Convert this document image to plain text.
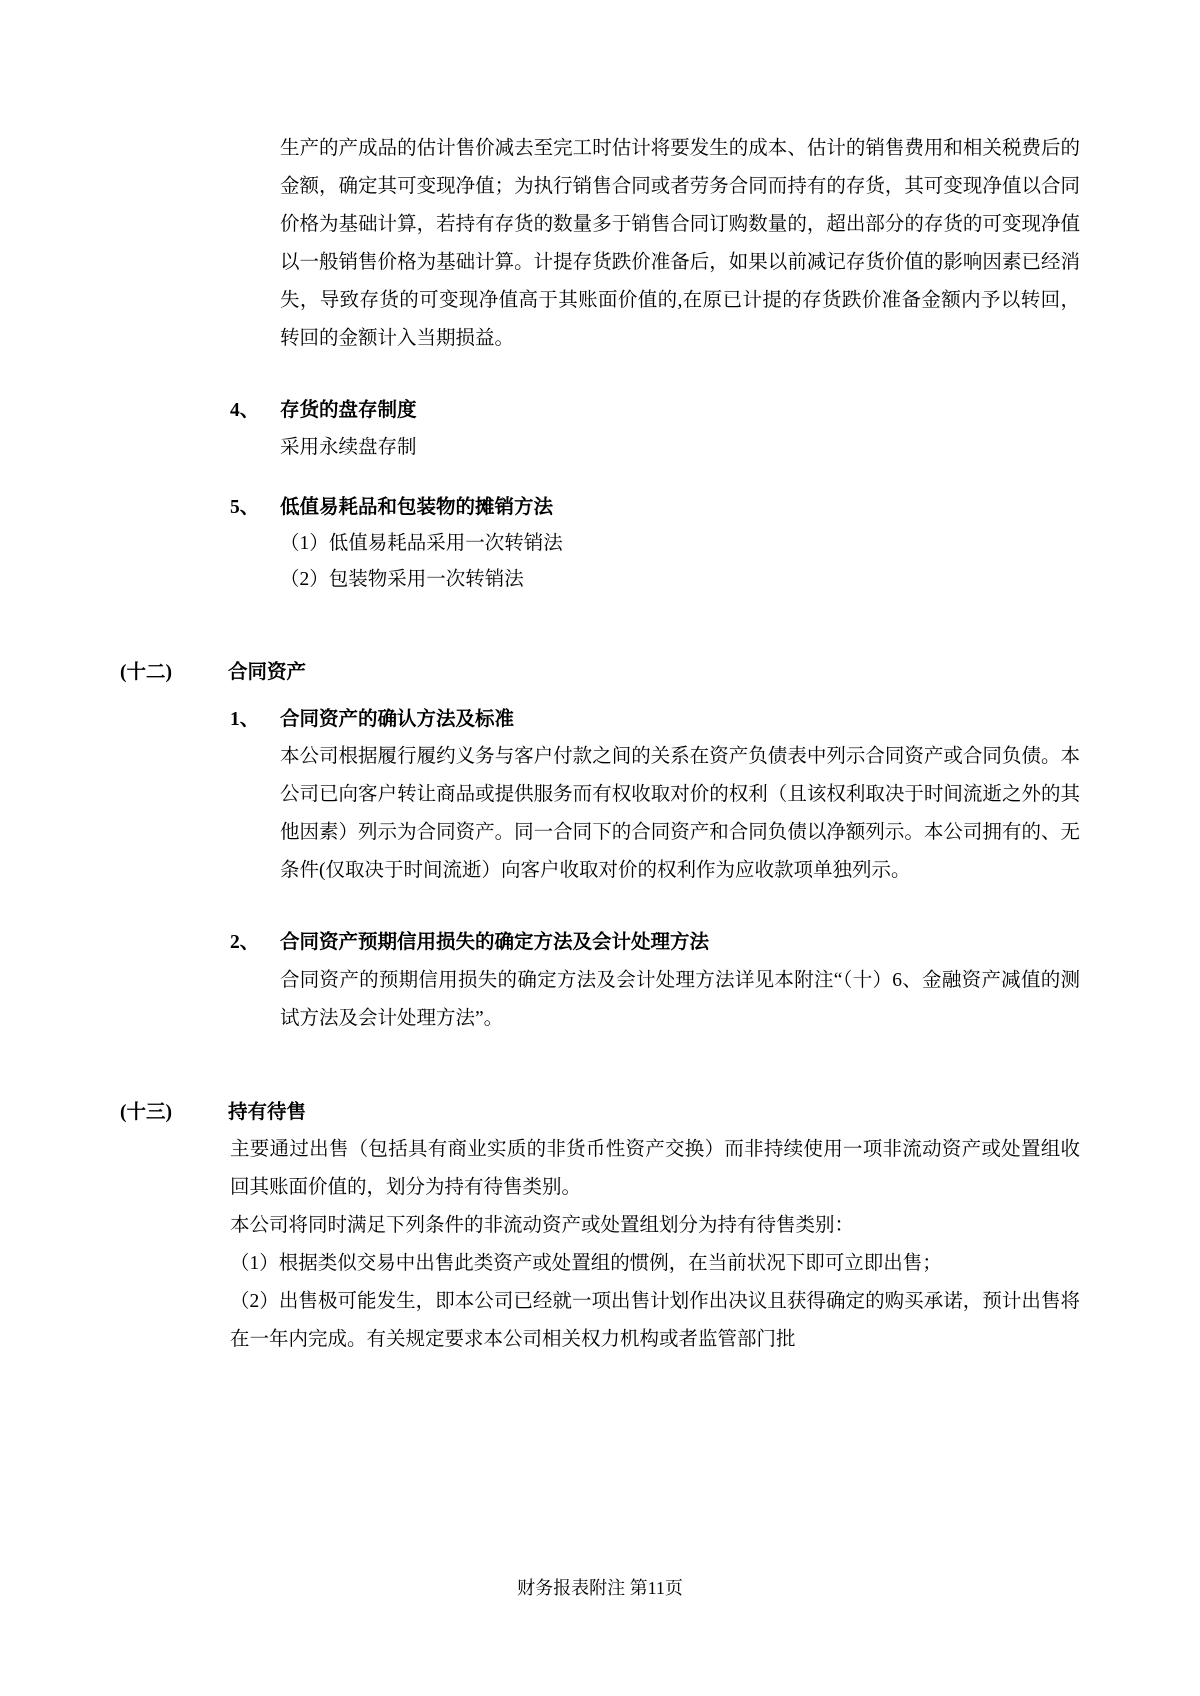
生产的产成品的估计售价减去至完工时估计将要发生的成本、估计的销售费用和相关税费后的金额，确定其可变现净值；为执行销售合同或者劳务合同而持有的存货，其可变现净值以合同价格为基础计算，若持有存货的数量多于销售合同订购数量的，超出部分的存货的可变现净值以一般销售价格为基础计算。计提存货跌价准备后，如果以前减记存货价值的影响因素已经消失，导致存货的可变现净值高于其账面价值的,在原已计提的存货跌价准备金额内予以转回，转回的金额计入当期损益。

4、	存货的盘存制度

采用永续盘存制

5、	低值易耗品和包装物的摊销方法
（1）低值易耗品采用一次转销法
（2）包装物采用一次转销法
(十二)	合同资产
1、	合同资产的确认方法及标准

本公司根据履行履约义务与客户付款之间的关系在资产负债表中列示合同资产或合同负债。本公司已向客户转让商品或提供服务而有权收取对价的权利（且该权利取决于时间流逝之外的其他因素）列示为合同资产。同一合同下的合同资产和合同负债以净额列示。本公司拥有的、无条件(仅取决于时间流逝）向客户收取对价的权利作为应收款项单独列示。

2、	合同资产预期信用损失的确定方法及会计处理方法

合同资产的预期信用损失的确定方法及会计处理方法详见本附注“（十）6、金融资产减值的测试方法及会计处理方法”。

(十三)	持有待售

主要通过出售（包括具有商业实质的非货币性资产交换）而非持续使用一项非流动资产或处置组收回其账面价值的，划分为持有待售类别。

本公司将同时满足下列条件的非流动资产或处置组划分为持有待售类别：

（1）根据类似交易中出售此类资产或处置组的惯例，在当前状况下即可立即出售；

（2）出售极可能发生，即本公司已经就一项出售计划作出决议且获得确定的购买承诺，预计出售将在一年内完成。有关规定要求本公司相关权力机构或者监管部门批

财务报表附注 第11页
